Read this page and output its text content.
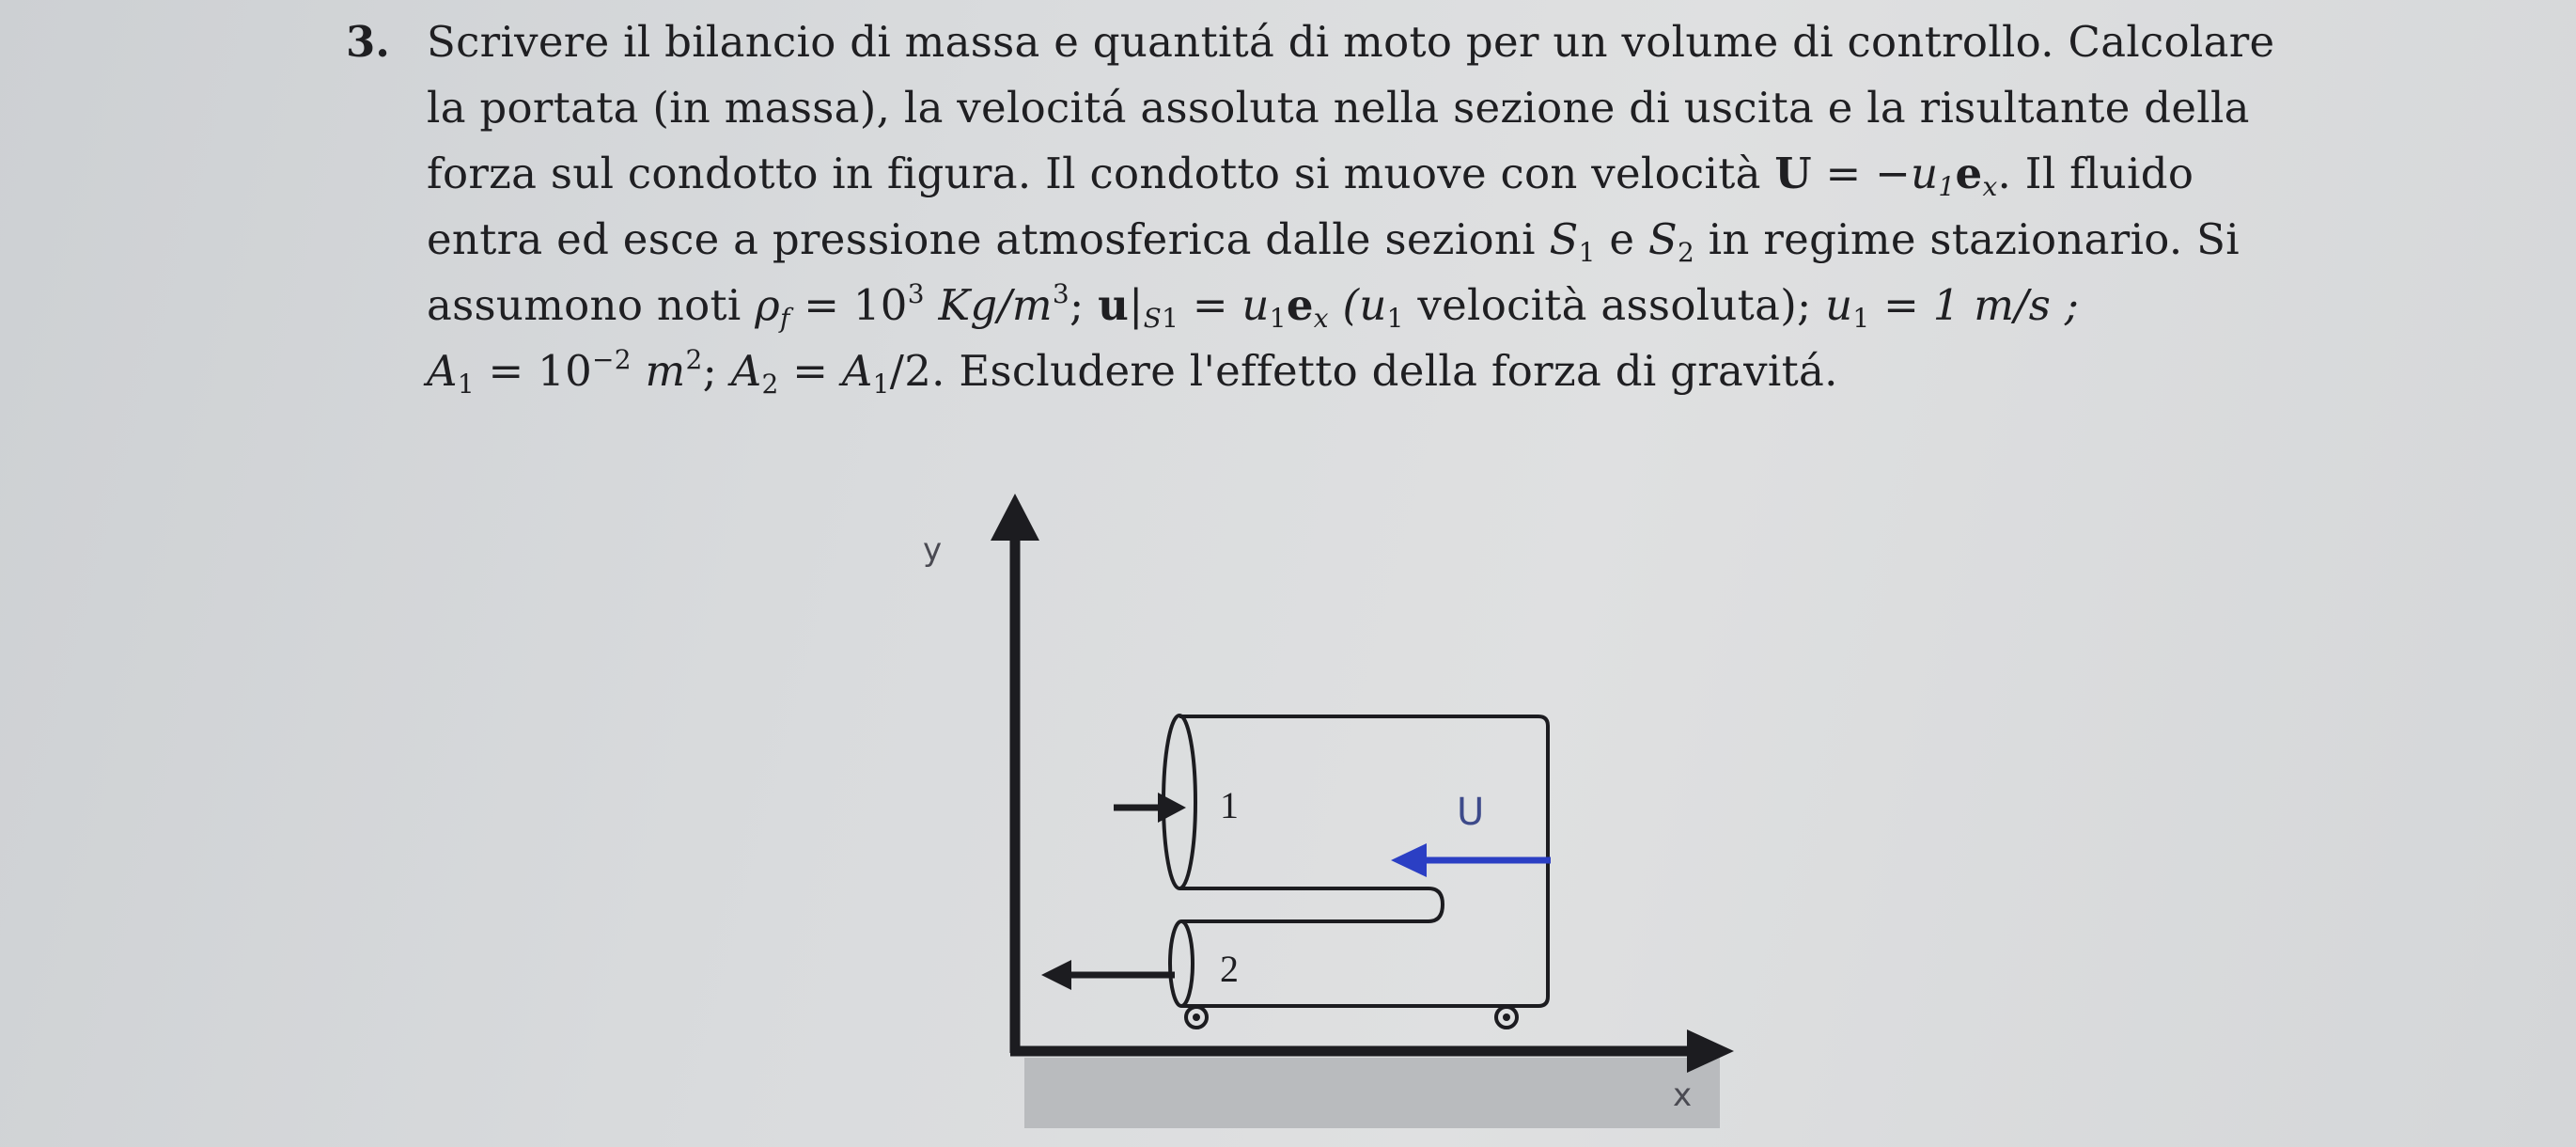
3. Scrivere il bilancio di massa e quantitá di moto per un volume di controllo. Calcolare
la portata (in massa), la velocitá assoluta nella sezione di uscita e la risultante della
forza sul condotto in figura. Il condotto si muove con velocità $U = -u_1e_x$. Il fluido
entra ed esce a pressione atmosferica dalle sezioni $S_1$ e $S_2$ in regime stazionario. Si
assumono noti $\rho_f = 10^3$ $Kg/m^3$; $u|_{S1} = u_1e_x$ ($u_1$ velocità assoluta); $u_1 = 1$ m/s ;
$A_1 = 10^{-2}$ $m^2$; $A_2 = A_1/2$. Escludere l'effetto della forza di gravitá.
y
x
1
2
U
